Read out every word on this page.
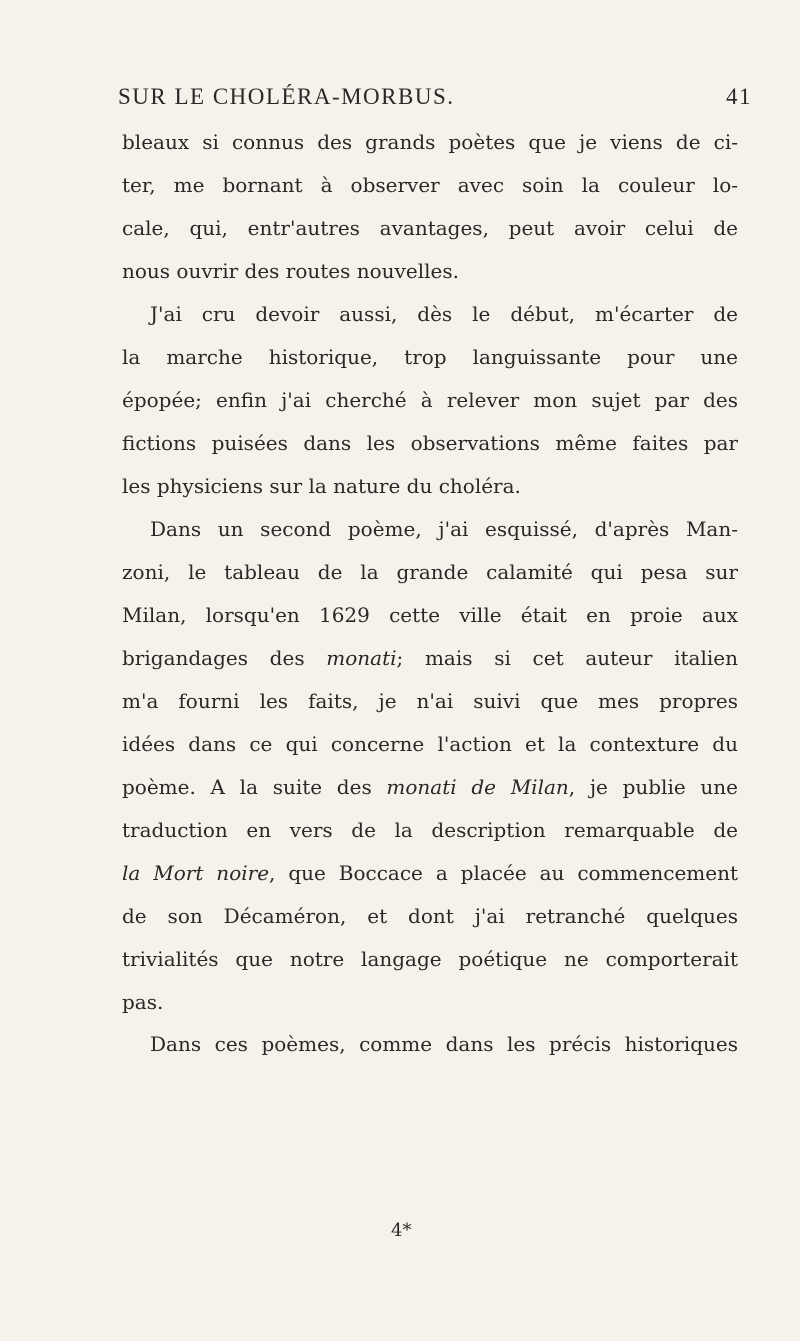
SUR LE CHOLÉRA-MORBUS.	41

bleaux si connus des grands poètes que je viens de ci-

ter, me bornant à observer avec soin la couleur lo-

cale, qui, entr'autres avantages, peut avoir celui de

nous ouvrir des routes nouvelles.

J'ai cru devoir aussi, dès le début, m'écarter de

la marche historique, trop languissante pour une

épopée; enfin j'ai cherché à relever mon sujet par des

fictions puisées dans les observations même faites par

les physiciens sur la nature du choléra.

Dans un second poème, j'ai esquissé, d'après Man-

zoni, le tableau de la grande calamité qui pesa sur

Milan, lorsqu'en 1629 cette ville était en proie aux

brigandages des monati; mais si cet auteur italien

m'a fourni les faits, je n'ai suivi que mes propres

idées dans ce qui concerne l'action et la contexture du

poème. A la suite des monati de Milan, je publie une

traduction en vers de la description remarquable de

la Mort noire, que Boccace a placée au commencement

de son Décaméron, et dont j'ai retranché quelques

trivialités que notre langage poétique ne comporterait

pas.

Dans ces poèmes, comme dans les précis historiques

4*
